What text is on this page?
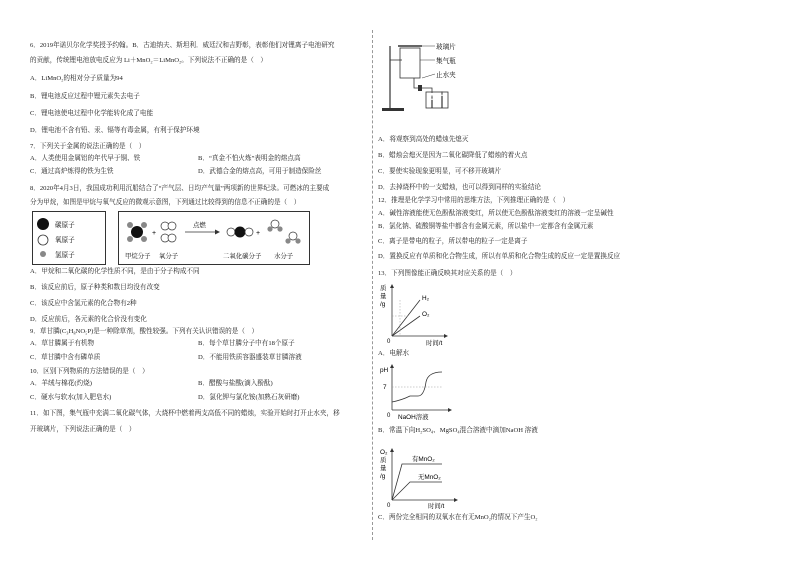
6．2019年诺贝尔化学奖授予约翰。B．古迪纳夫、斯坦利．威廷汉和吉野彰，表彰他们对锂离子电池研究
的贡献，传统锂电池放电反应为 Li＋MnO₂＝LiMnO₂。下列说法不正确的是（　）
A．LiMnO₂的相对分子质量为94
B．锂电池反应过程中锂元素失去电子
C．锂电池使电过程中化学能转化成了电能
D．锂电池不含有铅、汞、镉等有毒金属，有利于保护环境
7．下列关于金属的说法正确的是（　）
A．人类使用金属铝的年代早于铜、铁	B．“真金不怕火炼”表明金的熔点高
C．通过高炉炼得的铁为生铁	D．武德合金的熔点高，可用于制造保险丝
8．2020年4月3日，我国成功利用沉船结合了“产气层、日均产气量”两项新的世界纪录。可燃冰的主要成
分为甲烷，如图是甲烷与氧气反应的微观示意图，下列通过比较得到的信息不正确的是（　）
碳原子
氧原子
氢原子
+
点燃
+
甲烷分子 氧分子	二氧化碳分子 水分子
A．甲烷和二氧化碳的化学性质不同，是由于分子构成不同
B．该反应前后，原子种类和数目均没有改变
C．该反应中含氢元素的化合物有2种
D．反应前后，各元素的化合价没有变化
9．草甘膦(C₃H₈NO₅P)是一种除草剂，酸性较强。下列有关认识错误的是（　）
A．草甘膦属于有机物	B．每个草甘膦分子中有18个原子
C．草甘膦中含有磷单质	D．不能用铁质容器盛装草甘膦溶液
10．区别下列物质的方法错误的是（　）
A．羊绒与棉花(灼烧)	B．醋酸与盐酸(滴入酚酞)
C．硬水与软水(加入肥皂水)	D．氯化钾与氯化铵(加熟石灰研磨)
11．如下图，集气瓶中充满二氧化碳气体，大烧杯中燃着两支高低不同的蜡烛，实验开始时打开止水夹，移
开玻璃片，下列说法正确的是（　）
玻璃片
集气瓶
止水夹
A．将观察到高处的蜡烛先熄灭
B．蜡烛会熄灭是因为二氧化碳降低了蜡烛的着火点
C．要使实验现象更明显，可不移开玻璃片
D．去掉烧杯中的一支蜡烛，也可以得到同样的实验结论
12．推理是化学学习中常用的思维方法，下列推理正确的是（　）
A．碱性溶液能使无色酚酞溶液变红，所以使无色酚酞溶液变红的溶液一定呈碱性
B．氯化钠、硫酸铜等盐中都含有金属元素，所以盐中一定都含有金属元素
C．离子是带电的粒子，所以带电的粒子一定是离子
D．置换反应有单质和化合物生成，所以有单质和化合物生成的反应一定是置换反应
13．下列图像能正确反映其对应关系的是（　）
质
量
/g
H₂
O₂
0	时间/t
A．电解水
pH
7
0 NaOH溶液
B．常温下向H₂SO₄、MgSO₄混合溶液中滴加NaOH 溶液
O₂
质
量
/g
有MnO₂
无MnO₂
0	时间/t
C．两份完全相同的双氧水在有无MnO₂的情况下产生O₂
